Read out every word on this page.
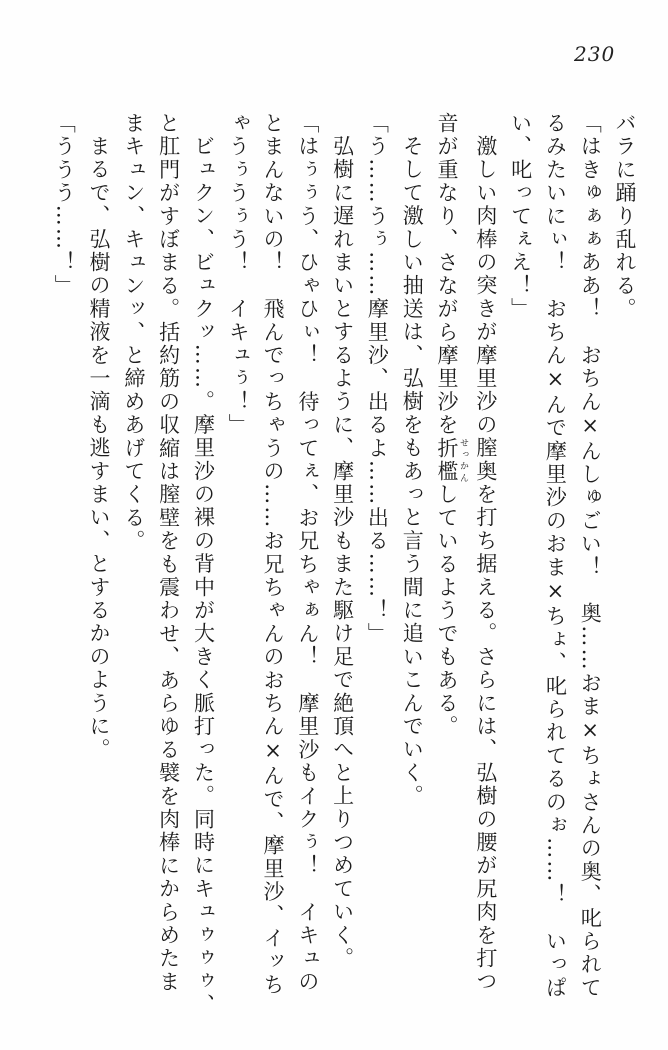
230

バラに踊り乱れる。

「はきゅぁぁああ！　おちん×んしゅごい！　奥……おま×ちょさんの奥、叱られて

るみたいにぃ！　おちん×んで摩里沙のおま×ちょ、叱られてるのぉ……！　いっぱ

い、叱ってぇえ！」

激しい肉棒の突きが摩里沙の膣奥を打ち据える。さらには、弘樹の腰が尻肉を打つ

音が重なり、さながら摩里沙を折檻 せっかんしているようでもある。

そして激しい抽送は、弘樹をもあっと言う間に追いこんでいく。

「う……うぅ……摩里沙、出るよ……出る……！」

弘樹に遅れまいとするように、摩里沙もまた駆け足で絶頂へと上りつめていく。

「はぅぅう、ひゃひぃ！　待ってぇ、お兄ちゃぁん！　摩里沙もイクぅ！　イキュの

とまんないの！　飛んでっちゃうの……お兄ちゃんのおちん×んで、摩里沙、イッち

ゃうぅうぅう！　イキュぅ！」

ビュクン、ビュクッ……。摩里沙の裸の背中が大きく脈打った。同時にキュゥゥゥ、

と肛門がすぼまる。括約筋の収縮は膣壁をも震わせ、あらゆる襞を肉棒にからめたま

まキュン、キュンッ、と締めあげてくる。

まるで、弘樹の精液を一滴も逃すまい、とするかのように。

「ううう……！」
